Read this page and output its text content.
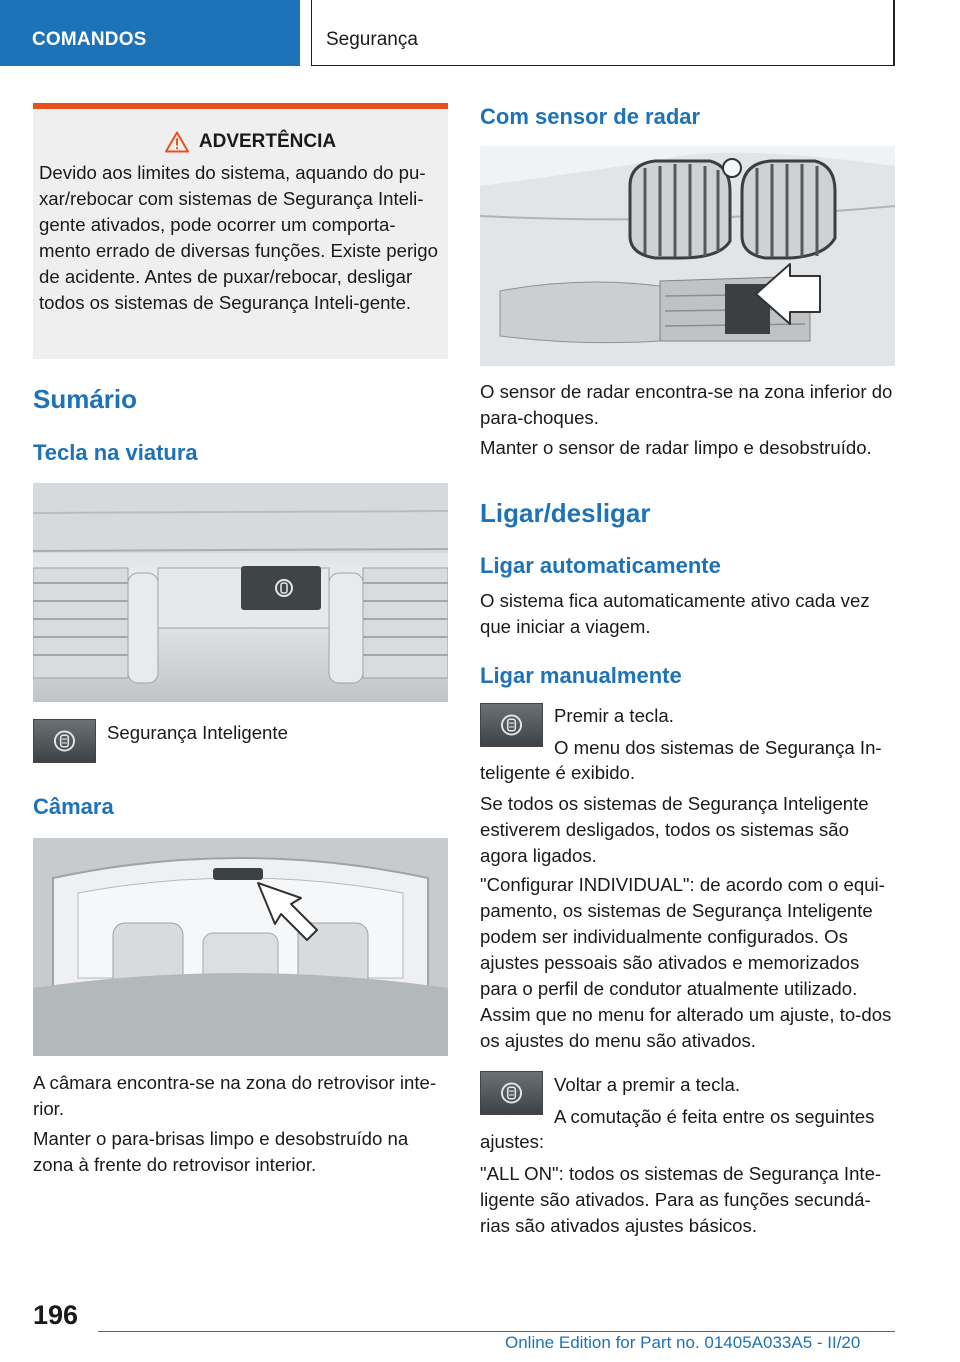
COMANDOS	Segurança
ADVERTÊNCIA

Devido aos limites do sistema, aquando do pu-xar/rebocar com sistemas de Segurança Inteli-gente ativados, pode ocorrer um comporta-mento errado de diversas funções. Existe perigo de acidente. Antes de puxar/rebocar, desligar todos os sistemas de Segurança Inteli-gente.

Sumário
Tecla na viatura
Segurança Inteligente
Câmara
A câmara encontra-se na zona do retrovisor inte-rior.
Manter o para-brisas limpo e desobstruído na zona à frente do retrovisor interior.
Com sensor de radar
O sensor de radar encontra-se na zona inferior do para-choques.
Manter o sensor de radar limpo e desobstruído.
Ligar/desligar
Ligar automaticamente
O sistema fica automaticamente ativo cada vez que iniciar a viagem.
Ligar manualmente
Premir a tecla.
O menu dos sistemas de Segurança In-
teligente é exibido.
Se todos os sistemas de Segurança Inteligente estiverem desligados, todos os sistemas são agora ligados.
"Configurar INDIVIDUAL": de acordo com o equi-pamento, os sistemas de Segurança Inteligente podem ser individualmente configurados. Os ajustes pessoais são ativados e memorizados para o perfil de condutor atualmente utilizado. Assim que no menu for alterado um ajuste, to-dos os ajustes do menu são ativados.
Voltar a premir a tecla.
A comutação é feita entre os seguintes
ajustes:
"ALL ON": todos os sistemas de Segurança Inte-ligente são ativados. Para as funções secundá-rias são ativados ajustes básicos.
196
Online Edition for Part no. 01405A033A5 - II/20
